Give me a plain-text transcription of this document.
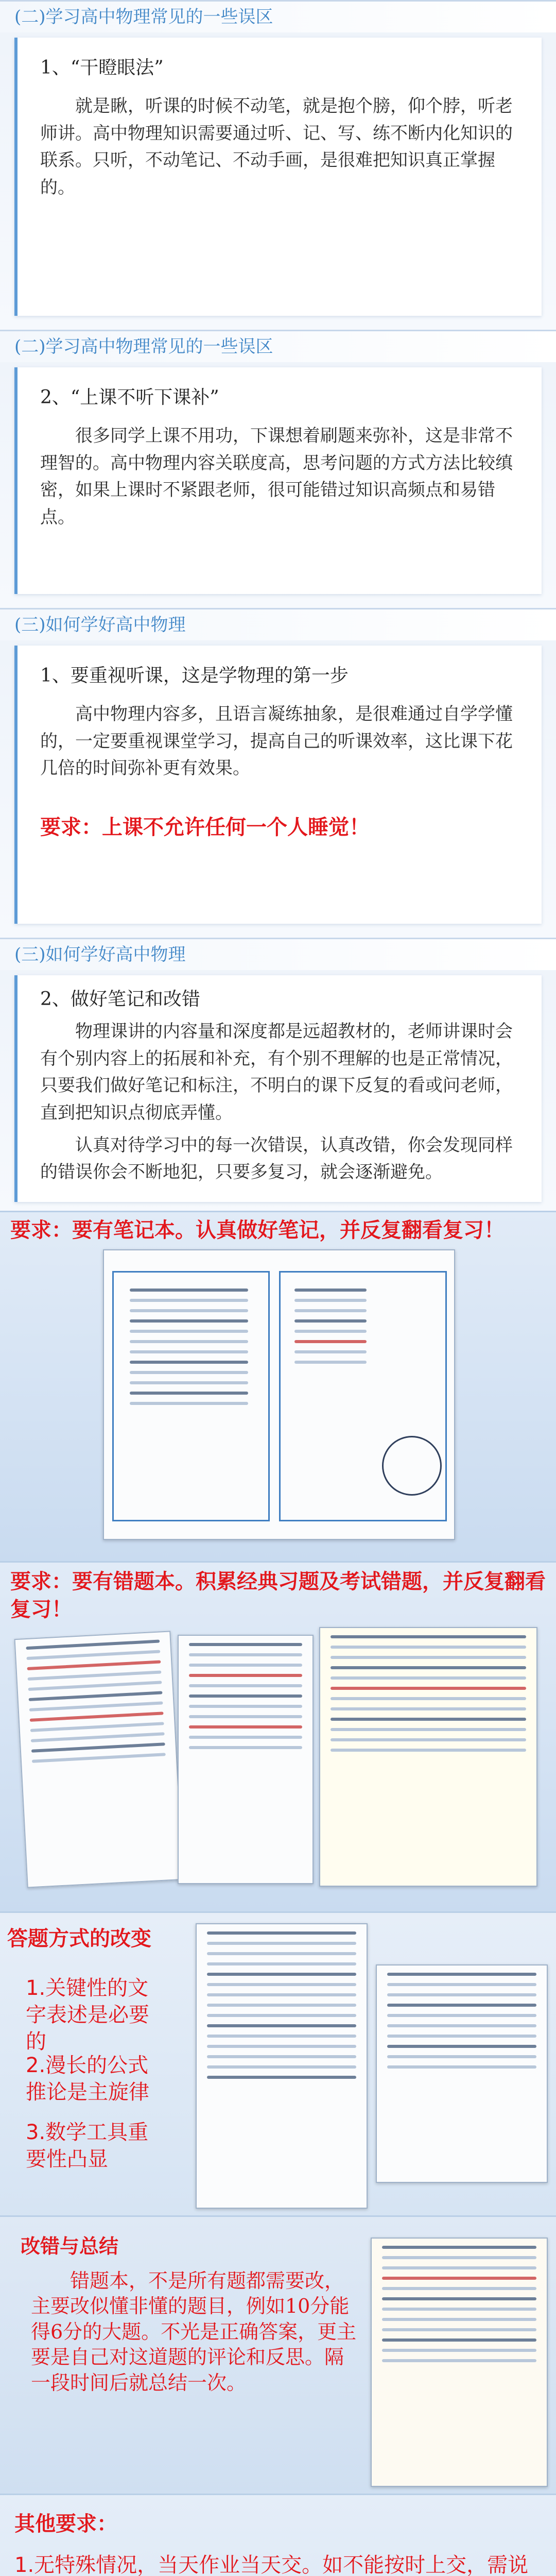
(二)学习高中物理常见的一些误区
1、“干瞪眼法”
就是瞅，听课的时候不动笔，就是抱个膀，仰个脖，听老师讲。高中物理知识需要通过听、记、写、练不断内化知识的联系。只听，不动笔记、不动手画，是很难把知识真正掌握的。
(二)学习高中物理常见的一些误区
2、“上课不听下课补”
很多同学上课不用功，下课想着刷题来弥补，这是非常不理智的。高中物理内容关联度高，思考问题的方式方法比较缜密，如果上课时不紧跟老师，很可能错过知识高频点和易错点。
(三)如何学好高中物理
1、要重视听课，这是学物理的第一步
高中物理内容多，且语言凝练抽象，是很难通过自学学懂的，一定要重视课堂学习，提高自己的听课效率，这比课下花几倍的时间弥补更有效果。
要求：上课不允许任何一个人睡觉！
(三)如何学好高中物理
2、做好笔记和改错
物理课讲的内容量和深度都是远超教材的，老师讲课时会有个别内容上的拓展和补充，有个别不理解的也是正常情况，只要我们做好笔记和标注，不明白的课下反复的看或问老师，直到把知识点彻底弄懂。
认真对待学习中的每一次错误，认真改错，你会发现同样的错误你会不断地犯，只要多复习，就会逐渐避免。
要求：要有笔记本。认真做好笔记，并反复翻看复习！
要求：要有错题本。积累经典习题及考试错题，并反复翻看复习！
答题方式的改变
1.关键性的文字表述是必要的
2.漫长的公式推论是主旋律
3.数学工具重要性凸显
改错与总结
错题本，不是所有题都需要改，主要改似懂非懂的题目，例如10分能得6分的大题。不光是正确答案，更主要是自己对这道题的评论和反思。隔一段时间后就总结一次。
其他要求：
1.无特殊情况，当天作业当天交。如不能按时上交，需说
